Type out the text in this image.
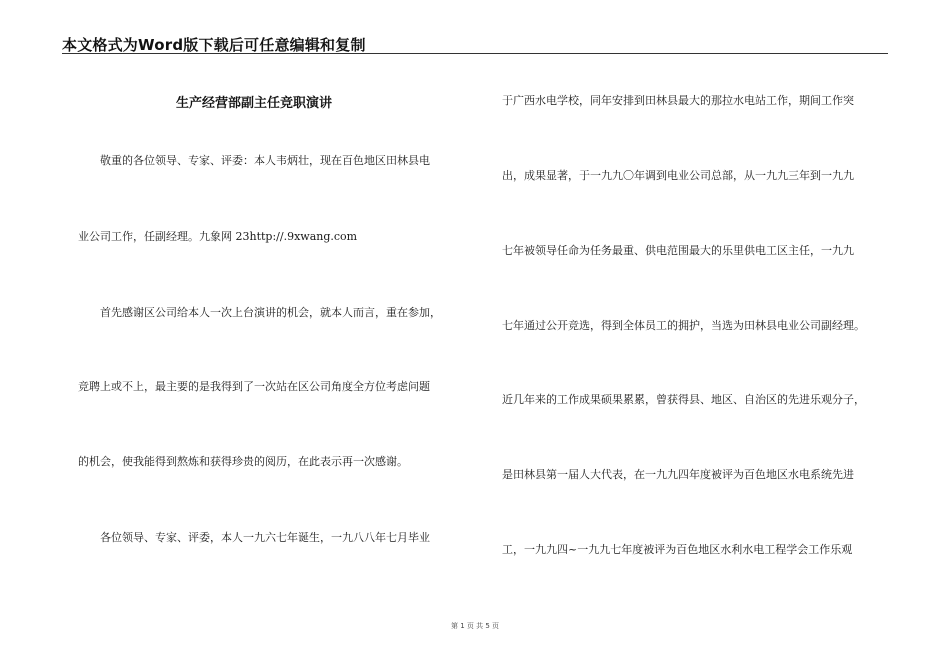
本文格式为Word版下载后可任意编辑和复制
生产经营部副主任竞职演讲
敬重的各位领导、专家、评委：本人韦炳壮，现在百色地区田林县电
业公司工作，任副经理。九象网 23http://.9xwang.com
首先感谢区公司给本人一次上台演讲的机会，就本人而言，重在参加，
竞聘上或不上，最主要的是我得到了一次站在区公司角度全方位考虑问题
的机会，使我能得到熬炼和获得珍贵的阅历，在此表示再一次感谢。
各位领导、专家、评委，本人一九六七年诞生，一九八八年七月毕业
于广西水电学校，同年安排到田林县最大的那拉水电站工作，期间工作突
出，成果显著，于一九九〇年调到电业公司总部，从一九九三年到一九九
七年被领导任命为任务最重、供电范围最大的乐里供电工区主任，一九九
七年通过公开竞选，得到全体员工的拥护，当选为田林县电业公司副经理。
近几年来的工作成果硕果累累，曾获得县、地区、自治区的先进乐观分子，
是田林县第一届人大代表，在一九九四年度被评为百色地区水电系统先进
工，一九九四~一九九七年度被评为百色地区水利水电工程学会工作乐观
第 1 页 共 5 页
